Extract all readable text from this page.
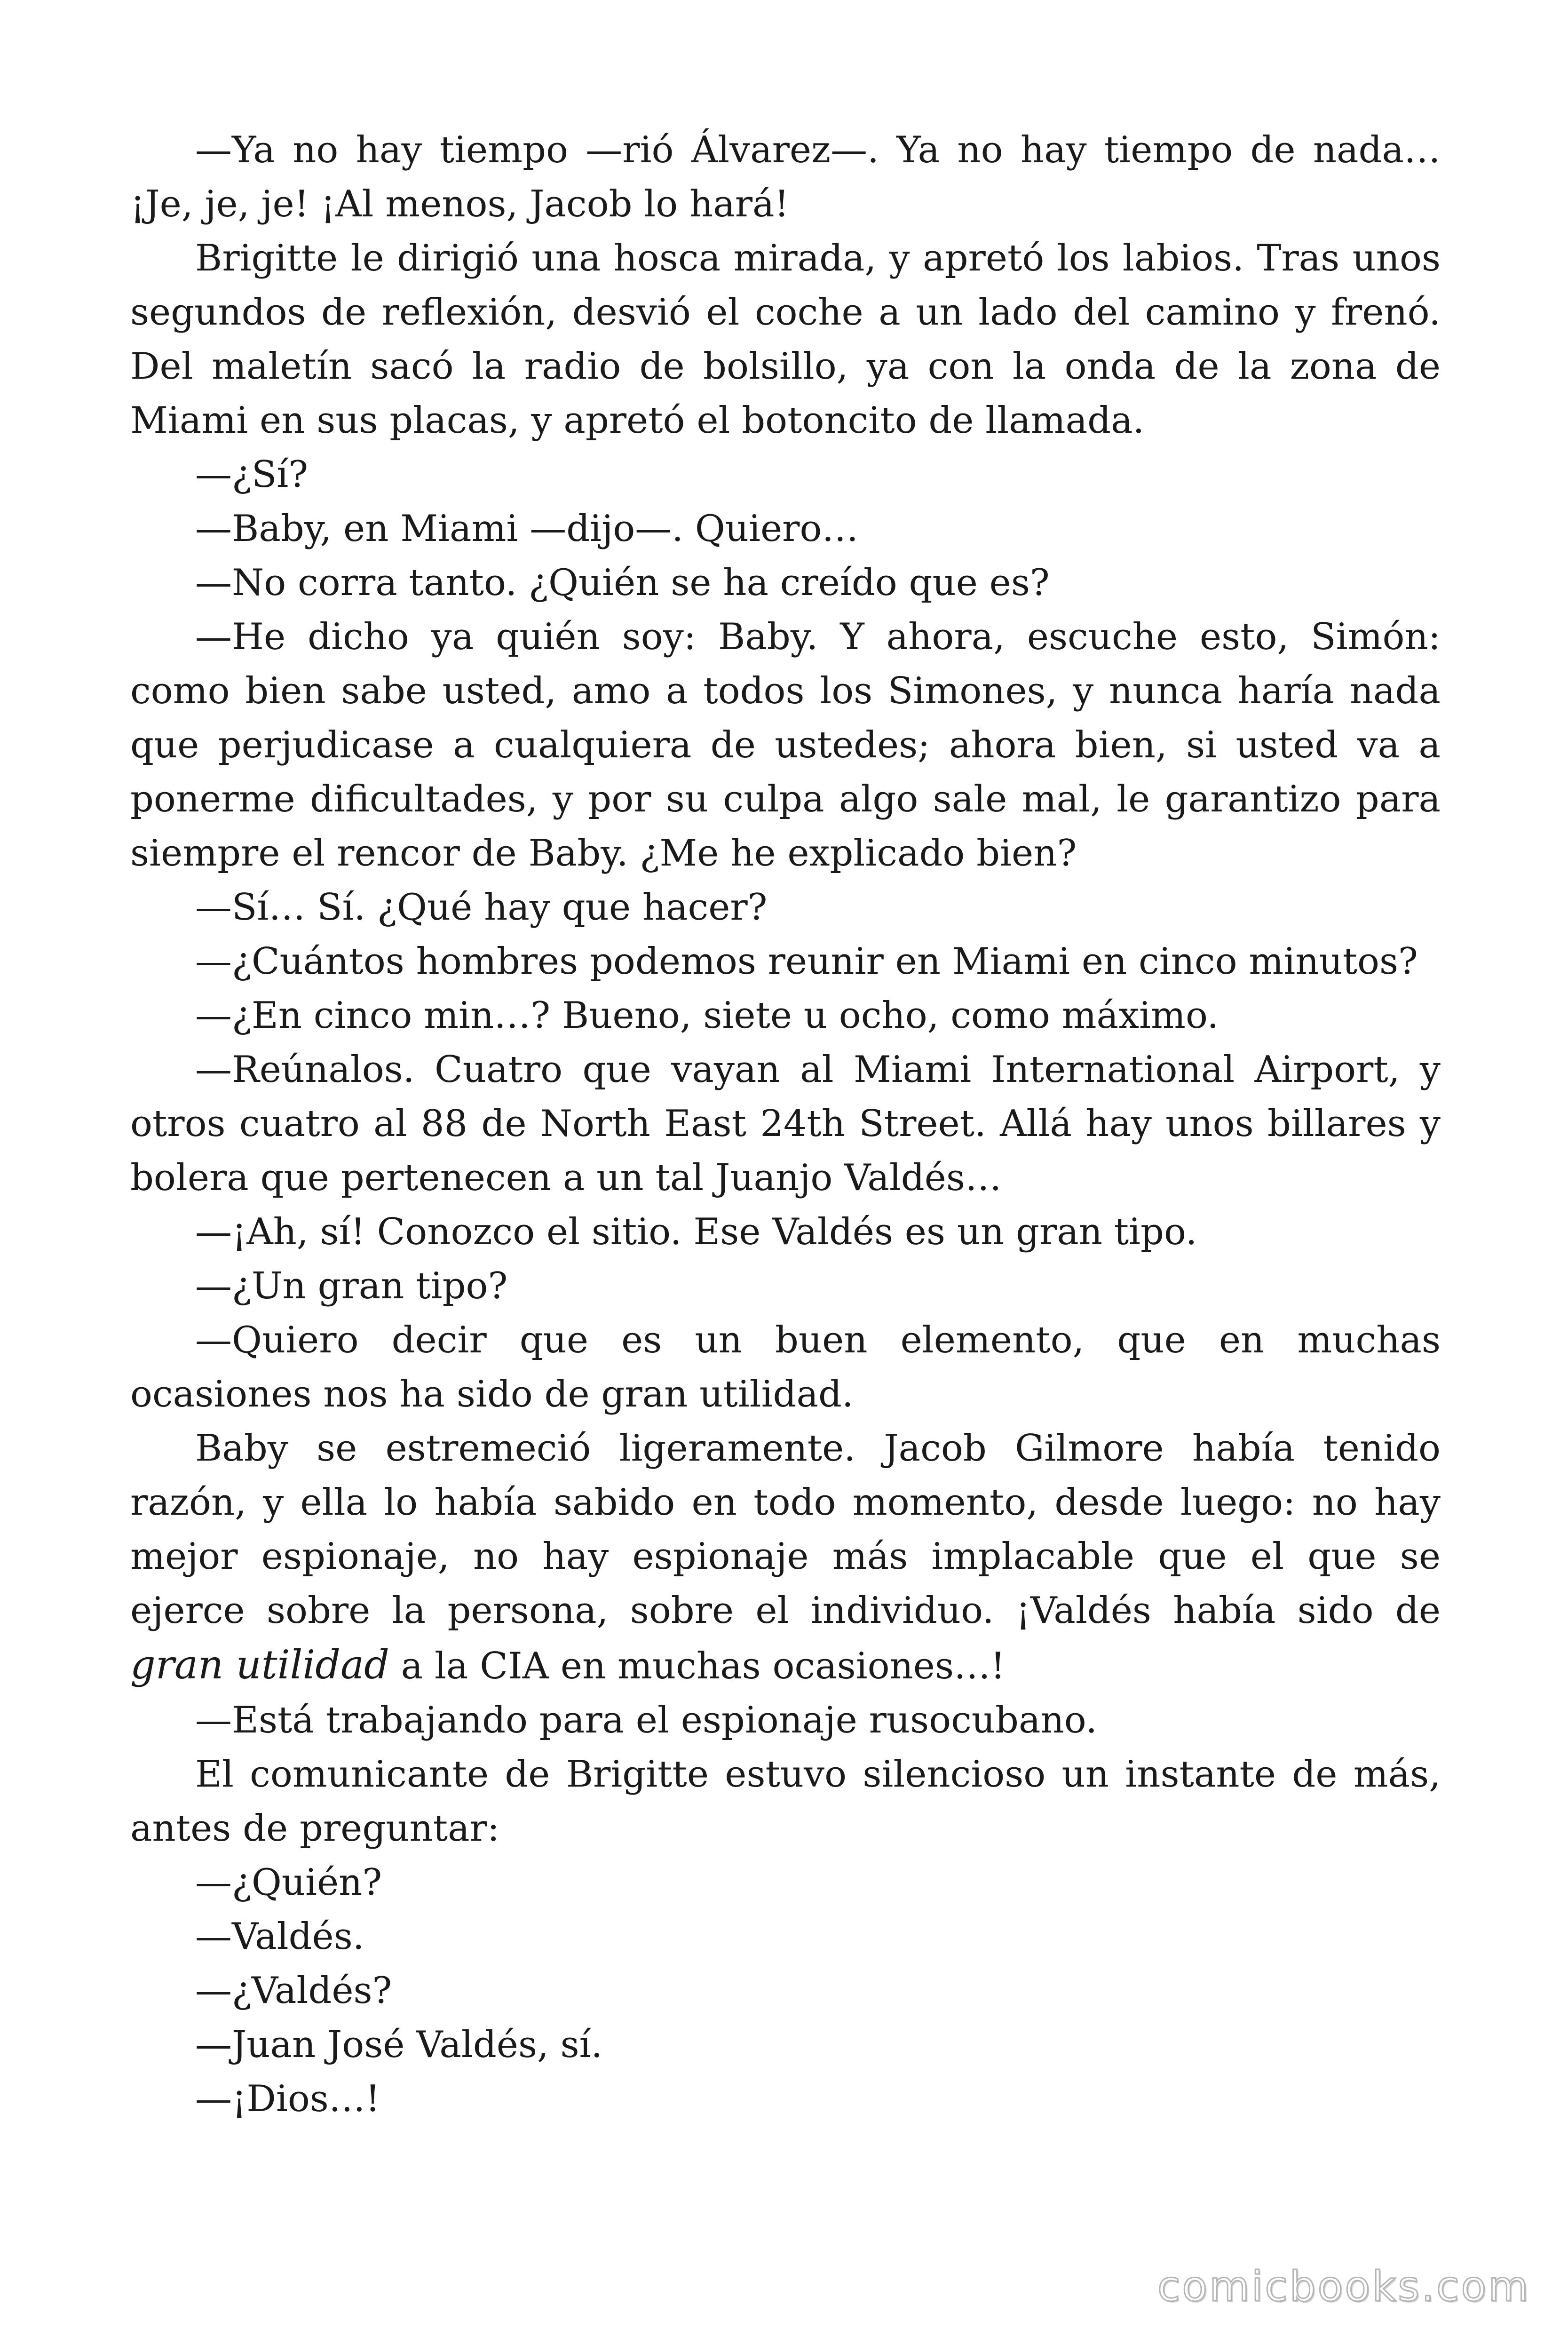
—Ya no hay tiempo —rió Álvarez—. Ya no hay tiempo de nada… ¡Je, je, je! ¡Al menos, Jacob lo hará!

Brigitte le dirigió una hosca mirada, y apretó los labios. Tras unos segundos de reflexión, desvió el coche a un lado del camino y frenó. Del maletín sacó la radio de bolsillo, ya con la onda de la zona de Miami en sus placas, y apretó el botoncito de llamada.

—¿Sí?

—Baby, en Miami —dijo—. Quiero…

—No corra tanto. ¿Quién se ha creído que es?

—He dicho ya quién soy: Baby. Y ahora, escuche esto, Simón: como bien sabe usted, amo a todos los Simones, y nunca haría nada que perjudicase a cualquiera de ustedes; ahora bien, si usted va a ponerme dificultades, y por su culpa algo sale mal, le garantizo para siempre el rencor de Baby. ¿Me he explicado bien?

—Sí… Sí. ¿Qué hay que hacer?

—¿Cuántos hombres podemos reunir en Miami en cinco minutos?

—¿En cinco min…? Bueno, siete u ocho, como máximo.

—Reúnalos. Cuatro que vayan al Miami International Airport, y otros cuatro al 88 de North East 24th Street. Allá hay unos billares y bolera que pertenecen a un tal Juanjo Valdés…

—¡Ah, sí! Conozco el sitio. Ese Valdés es un gran tipo.

—¿Un gran tipo?

—Quiero decir que es un buen elemento, que en muchas ocasiones nos ha sido de gran utilidad.

Baby se estremeció ligeramente. Jacob Gilmore había tenido razón, y ella lo había sabido en todo momento, desde luego: no hay mejor espionaje, no hay espionaje más implacable que el que se ejerce sobre la persona, sobre el individuo. ¡Valdés había sido de gran utilidad a la CIA en muchas ocasiones…!

—Está trabajando para el espionaje rusocubano.

El comunicante de Brigitte estuvo silencioso un instante de más, antes de preguntar:

—¿Quién?

—Valdés.

—¿Valdés?

—Juan José Valdés, sí.

—¡Dios…!

comicbooks.com
